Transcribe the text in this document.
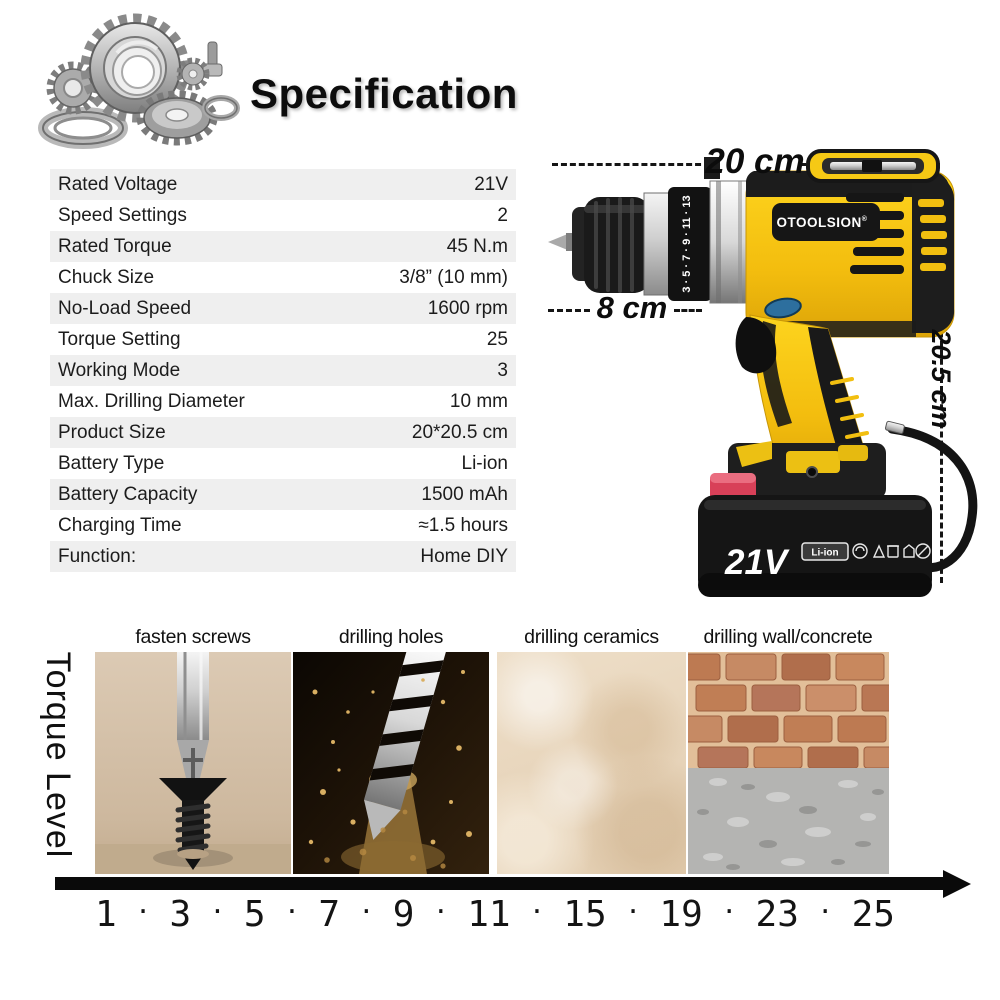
Specification
Rated Voltage	21V
Speed Settings	2
Rated Torque	45 N.m
Chuck Size	3/8” (10 mm)
No-Load Speed	1600 rpm
Torque Setting	25
Working Mode	3
Max. Drilling Diameter	10 mm
Product Size	20*20.5 cm
Battery Type	Li-ion
Battery Capacity	1500 mAh
Charging Time	≈1.5 hours
Function:	Home DIY
3 · 5 · 7 · 9 · 11 · 13	OTOOLSION®
21V Li-ion
20 cm
8 cm
20.5 cm
Torque Level
fasten screws	drilling holes	drilling ceramics	drilling wall/concrete
1 · 3 · 5 · 7 · 9 · 11 · 15 · 19 · 23 · 25
